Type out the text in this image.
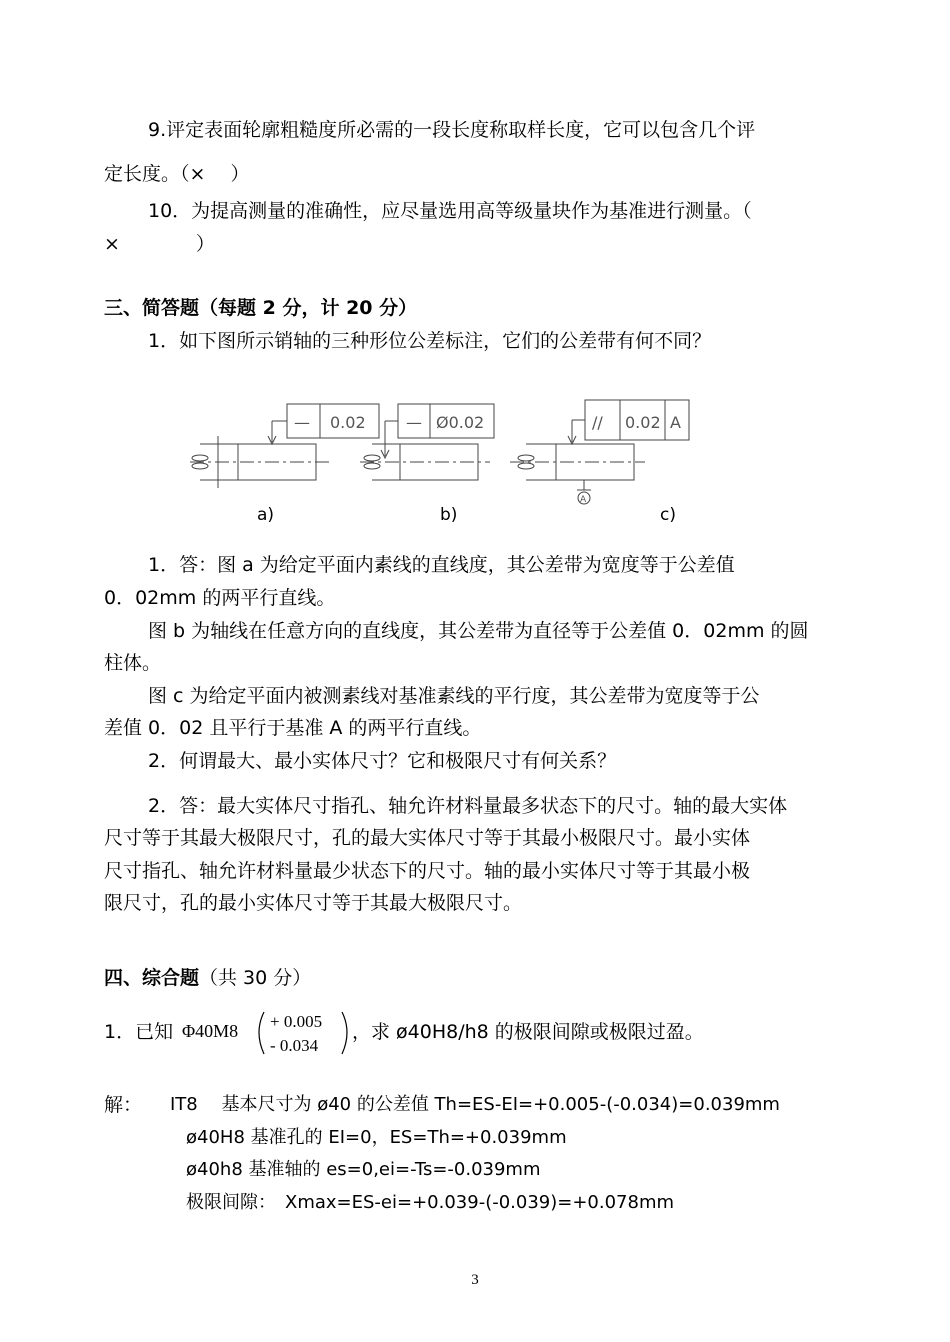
9.评定表面轮廓粗糙度所必需的一段长度称取样长度，它可以包含几个评
定长度。（×　 ）
10．为提高测量的准确性，应尽量选用高等级量块作为基准进行测量。（
×　　　　）
三、简答题（每题 2 分，计 20 分）
1．如下图所示销轴的三种形位公差标注，它们的公差带有何不同？
— 0.02	— Ø0.02	// 0.02 A
A
a)	b)	c)
1．答：图 a 为给定平面内素线的直线度，其公差带为宽度等于公差值
0．02mm 的两平行直线。
图 b 为轴线在任意方向的直线度，其公差带为直径等于公差值 0．02mm 的圆
柱体。
图 c 为给定平面内被测素线对基准素线的平行度，其公差带为宽度等于公
差值 0．02 且平行于基准 A 的两平行直线。
2．何谓最大、最小实体尺寸？它和极限尺寸有何关系？
2．答：最大实体尺寸指孔、轴允许材料量最多状态下的尺寸。轴的最大实体
尺寸等于其最大极限尺寸，孔的最大实体尺寸等于其最小极限尺寸。最小实体
尺寸指孔、轴允许材料量最少状态下的尺寸。轴的最小实体尺寸等于其最小极
限尺寸，孔的最小实体尺寸等于其最大极限尺寸。
四、综合题（共 30 分）
1．已知 Φ40M8 + 0.005
- 0.034
，求 ø40H8/h8 的极限间隙或极限过盈。
解： IT8　 基本尺寸为 ø40 的公差值 Th=ES-EI=+0.005-(-0.034)=0.039mm
ø40H8 基准孔的 EI=0，ES=Th=+0.039mm
ø40h8 基准轴的 es=0,ei=-Ts=-0.039mm
极限间隙：　Xmax=ES-ei=+0.039-(-0.039)=+0.078mm
3
